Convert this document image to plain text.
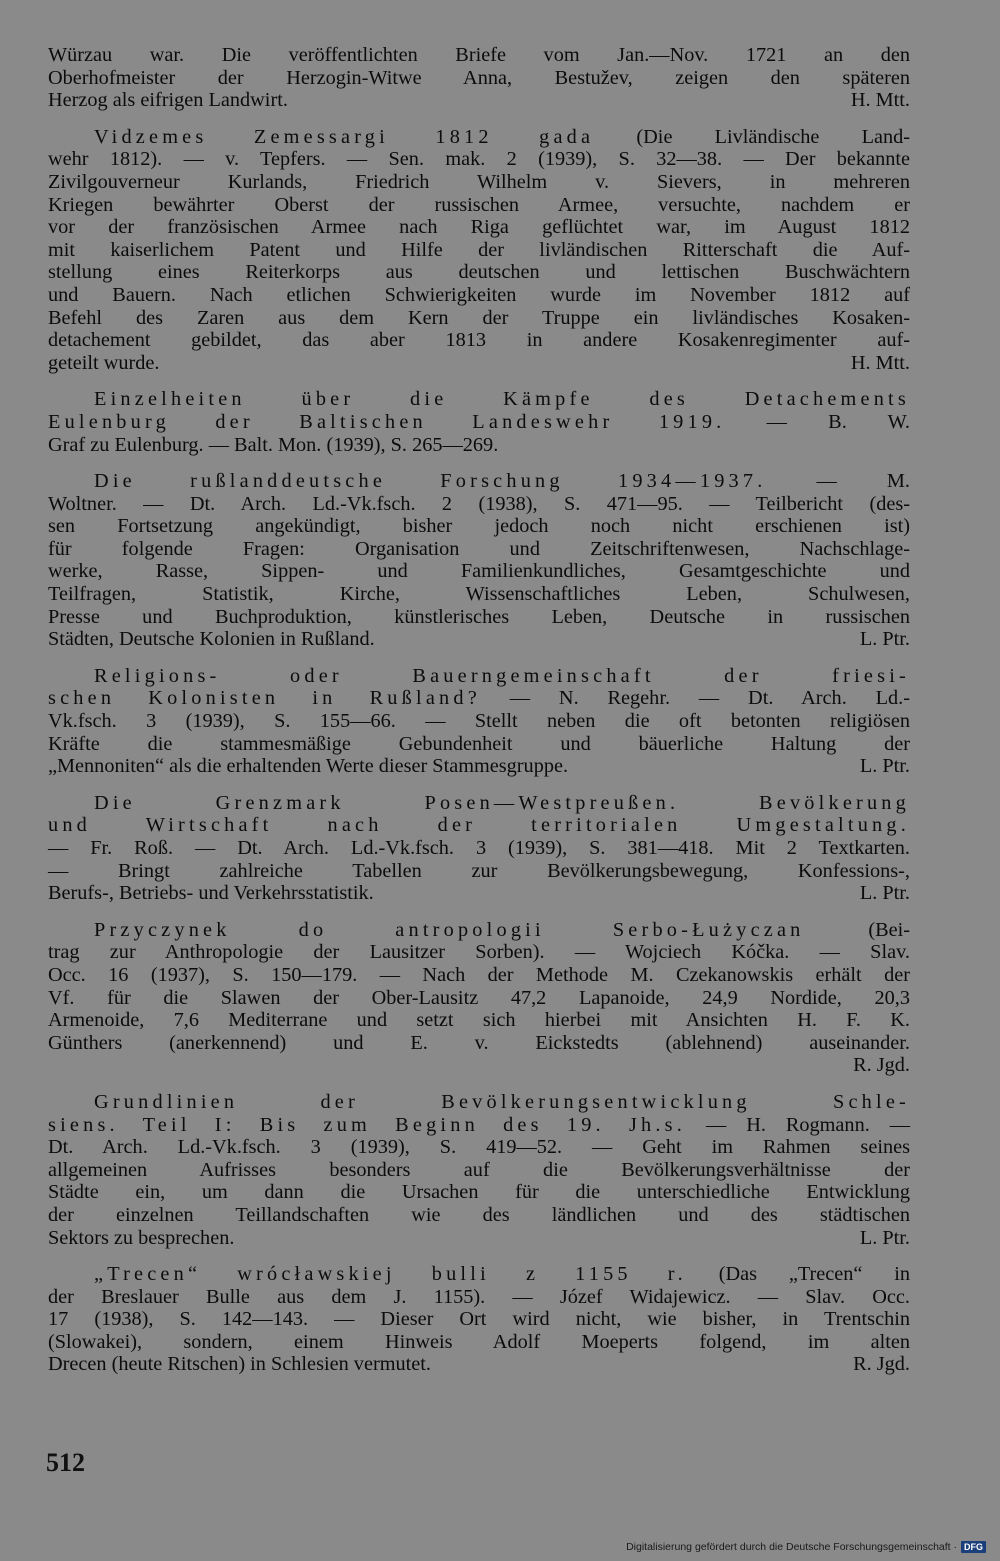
Würzau war. Die veröffentlichten Briefe vom Jan.—Nov. 1721 an den
Oberhofmeister der Herzogin-Witwe Anna, Bestužev, zeigen den späteren
Herzog als eifrigen Landwirt.	H. Mtt.
Vidzemes Zemessargi 1812 gada (Die Livländische Land-
wehr 1812). — v. Tepfers. — Sen. mak. 2 (1939), S. 32—38. — Der bekannte
Zivilgouverneur Kurlands, Friedrich Wilhelm v. Sievers, in mehreren
Kriegen bewährter Oberst der russischen Armee, versuchte, nachdem er
vor der französischen Armee nach Riga geflüchtet war, im August 1812
mit kaiserlichem Patent und Hilfe der livländischen Ritterschaft die Auf-
stellung eines Reiterkorps aus deutschen und lettischen Buschwächtern
und Bauern. Nach etlichen Schwierigkeiten wurde im November 1812 auf
Befehl des Zaren aus dem Kern der Truppe ein livländisches Kosaken-
detachement gebildet, das aber 1813 in andere Kosakenregimenter auf-
geteilt wurde.	H. Mtt.
Einzelheiten über die Kämpfe des Detachements
Eulenburg der Baltischen Landeswehr 1919. — B. W.
Graf zu Eulenburg. — Balt. Mon. (1939), S. 265—269.
Die rußlanddeutsche Forschung 1934—1937. — M.
Woltner. — Dt. Arch. Ld.-Vk.fsch. 2 (1938), S. 471—95. — Teilbericht (des-
sen Fortsetzung angekündigt, bisher jedoch noch nicht erschienen ist)
für folgende Fragen: Organisation und Zeitschriftenwesen, Nachschlage-
werke, Rasse, Sippen- und Familienkundliches, Gesamtgeschichte und
Teilfragen, Statistik, Kirche, Wissenschaftliches Leben, Schulwesen,
Presse und Buchproduktion, künstlerisches Leben, Deutsche in russischen
Städten, Deutsche Kolonien in Rußland.	L. Ptr.
Religions- oder Bauerngemeinschaft der friesi-
schen Kolonisten in Rußland? — N. Regehr. — Dt. Arch. Ld.-
Vk.fsch. 3 (1939), S. 155—66. — Stellt neben die oft betonten religiösen
Kräfte die stammesmäßige Gebundenheit und bäuerliche Haltung der
„Mennoniten“ als die erhaltenden Werte dieser Stammesgruppe.	L. Ptr.
Die Grenzmark Posen—Westpreußen. Bevölkerung
und Wirtschaft nach der territorialen Umgestaltung.
— Fr. Roß. — Dt. Arch. Ld.-Vk.fsch. 3 (1939), S. 381—418. Mit 2 Textkarten.
— Bringt zahlreiche Tabellen zur Bevölkerungsbewegung, Konfessions-,
Berufs-, Betriebs- und Verkehrsstatistik.	L. Ptr.
Przyczynek do antropologii Serbo-Łużyczan (Bei-
trag zur Anthropologie der Lausitzer Sorben). — Wojciech Kóčka. — Slav.
Occ. 16 (1937), S. 150—179. — Nach der Methode M. Czekanowskis erhält der
Vf. für die Slawen der Ober-Lausitz 47,2 Lapanoide, 24,9 Nordide, 20,3
Armenoide, 7,6 Mediterrane und setzt sich hierbei mit Ansichten H. F. K.
Günthers (anerkennend) und E. v. Eickstedts (ablehnend) auseinander.
R. Jgd.
Grundlinien der Bevölkerungsentwicklung Schle-
siens. Teil I: Bis zum Beginn des 19. Jh.s. — H. Rogmann. —
Dt. Arch. Ld.-Vk.fsch. 3 (1939), S. 419—52. — Geht im Rahmen seines
allgemeinen Aufrisses besonders auf die Bevölkerungsverhältnisse der
Städte ein, um dann die Ursachen für die unterschiedliche Entwicklung
der einzelnen Teillandschaften wie des ländlichen und des städtischen
Sektors zu besprechen.	L. Ptr.
„Trecen“ wrócławskiej bulli z 1155 r. (Das „Trecen“ in
der Breslauer Bulle aus dem J. 1155). — Józef Widajewicz. — Slav. Occ.
17 (1938), S. 142—143. — Dieser Ort wird nicht, wie bisher, in Trentschin
(Slowakei), sondern, einem Hinweis Adolf Moeperts folgend, im alten
Drecen (heute Ritschen) in Schlesien vermutet.	R. Jgd.
512
Digitalisierung gefördert durch die Deutsche Forschungsgemeinschaft · DFG
